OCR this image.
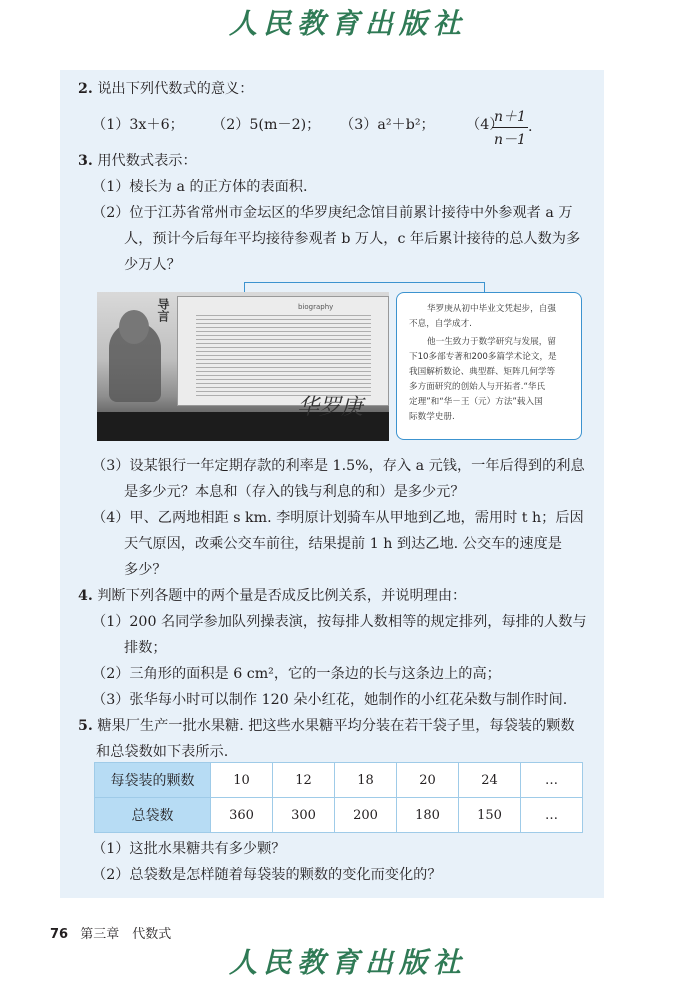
人民教育出版社
2. 说出下列代数式的意义：
（1）3x＋6； （2）5(m－2)； （3）a²＋b²； （4）
n＋1
n－1
.
3. 用代数式表示：
（1）棱长为 a 的正方体的表面积.
（2）位于江苏省常州市金坛区的华罗庚纪念馆目前累计接待中外参观者 a 万
人，预计今后每年平均接待参观者 b 万人，c 年后累计接待的总人数为多
少万人？
biography
导言
华罗庚
华罗庚从初中毕业文凭起步，自强
不息，自学成才.
他一生致力于数学研究与发展，留
下10多部专著和200多篇学术论文，是
我国解析数论、典型群、矩阵几何学等
多方面研究的创始人与开拓者.“华氏
定理”和“华－王（元）方法”载入国
际数学史册.
（3）设某银行一年定期存款的利率是 1.5%，存入 a 元钱，一年后得到的利息
是多少元？本息和（存入的钱与利息的和）是多少元？
（4）甲、乙两地相距 s km. 李明原计划骑车从甲地到乙地，需用时 t h；后因
天气原因，改乘公交车前往，结果提前 1 h 到达乙地. 公交车的速度是
多少？
4. 判断下列各题中的两个量是否成反比例关系，并说明理由：
（1）200 名同学参加队列操表演，按每排人数相等的规定排列，每排的人数与
排数；
（2）三角形的面积是 6 cm²，它的一条边的长与这条边上的高；
（3）张华每小时可以制作 120 朵小红花，她制作的小红花朵数与制作时间.
5. 糖果厂生产一批水果糖. 把这些水果糖平均分装在若干袋子里，每袋装的颗数
和总袋数如下表所示.
每袋装的颗数	10	12	18	20	24	…
总袋数	360	300	200	180	150	…
（1）这批水果糖共有多少颗？
（2）总袋数是怎样随着每袋装的颗数的变化而变化的？
76 第三章　代数式
人民教育出版社
